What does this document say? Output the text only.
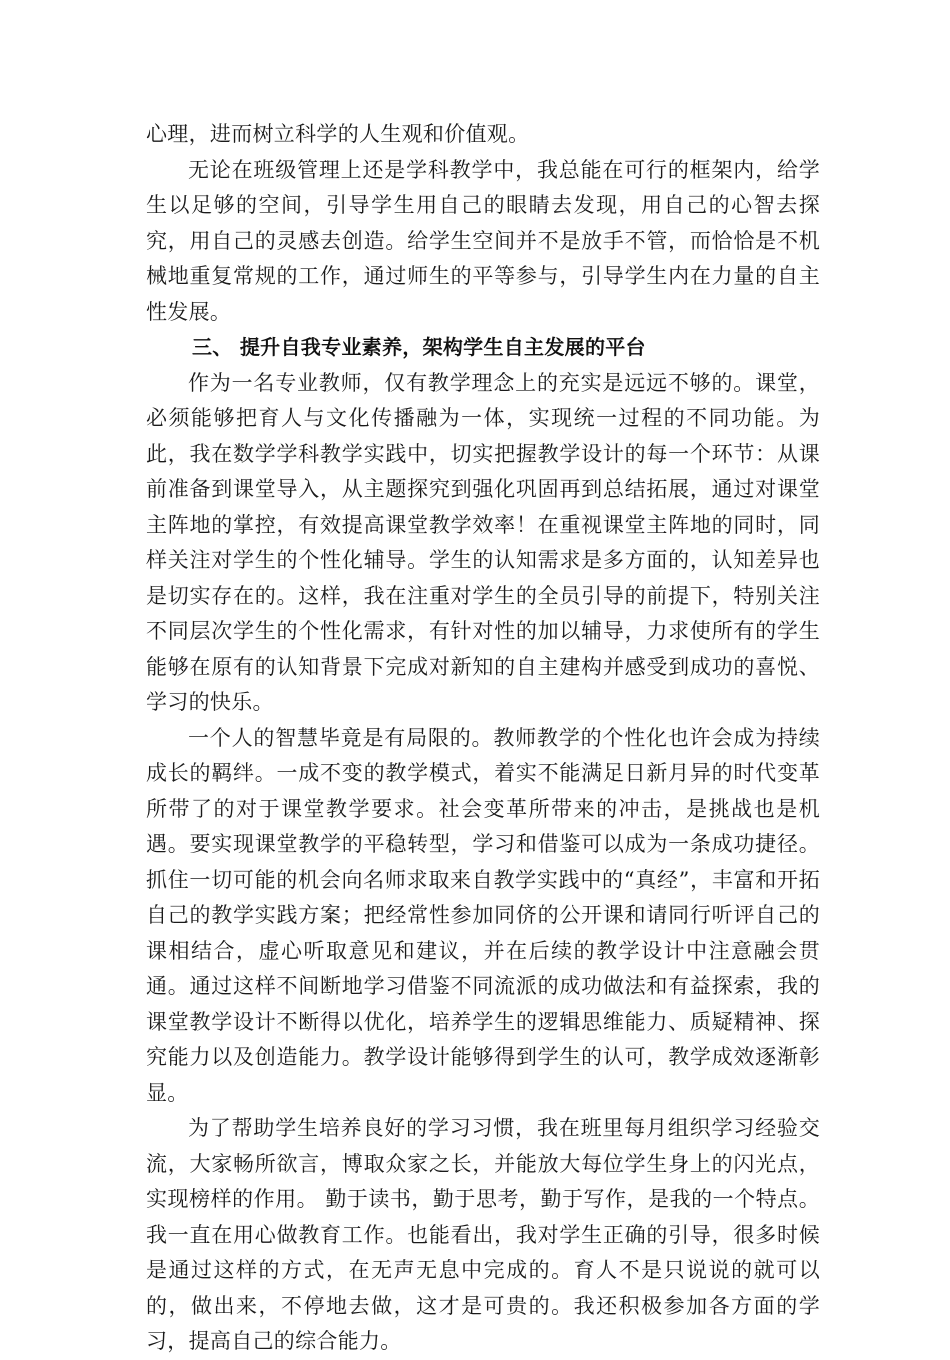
心理，进而树立科学的人生观和价值观。

无论在班级管理上还是学科教学中，我总能在可行的框架内，给学生以足够的空间，引导学生用自己的眼睛去发现，用自己的心智去探究，用自己的灵感去创造。给学生空间并不是放手不管，而恰恰是不机械地重复常规的工作，通过师生的平等参与，引导学生内在力量的自主性发展。

三、 提升自我专业素养，架构学生自主发展的平台

作为一名专业教师，仅有教学理念上的充实是远远不够的。课堂，必须能够把育人与文化传播融为一体，实现统一过程的不同功能。为此，我在数学学科教学实践中，切实把握教学设计的每一个环节：从课前准备到课堂导入，从主题探究到强化巩固再到总结拓展，通过对课堂主阵地的掌控，有效提高课堂教学效率！在重视课堂主阵地的同时，同样关注对学生的个性化辅导。学生的认知需求是多方面的，认知差异也是切实存在的。这样，我在注重对学生的全员引导的前提下，特别关注不同层次学生的个性化需求，有针对性的加以辅导，力求使所有的学生能够在原有的认知背景下完成对新知的自主建构并感受到成功的喜悦、学习的快乐。

一个人的智慧毕竟是有局限的。教师教学的个性化也许会成为持续成长的羁绊。一成不变的教学模式，着实不能满足日新月异的时代变革所带了的对于课堂教学要求。社会变革所带来的冲击，是挑战也是机遇。要实现课堂教学的平稳转型，学习和借鉴可以成为一条成功捷径。抓住一切可能的机会向名师求取来自教学实践中的“真经”，丰富和开拓自己的教学实践方案；把经常性参加同侪的公开课和请同行听评自己的课相结合，虚心听取意见和建议，并在后续的教学设计中注意融会贯通。通过这样不间断地学习借鉴不同流派的成功做法和有益探索，我的课堂教学设计不断得以优化，培养学生的逻辑思维能力、质疑精神、探究能力以及创造能力。教学设计能够得到学生的认可，教学成效逐渐彰显。

为了帮助学生培养良好的学习习惯，我在班里每月组织学习经验交流，大家畅所欲言，博取众家之长，并能放大每位学生身上的闪光点，实现榜样的作用。 勤于读书，勤于思考，勤于写作，是我的一个特点。我一直在用心做教育工作。也能看出，我对学生正确的引导，很多时候是通过这样的方式，在无声无息中完成的。育人不是只说说的就可以的，做出来，不停地去做，这才是可贵的。我还积极参加各方面的学习，提高自己的综合能力。
